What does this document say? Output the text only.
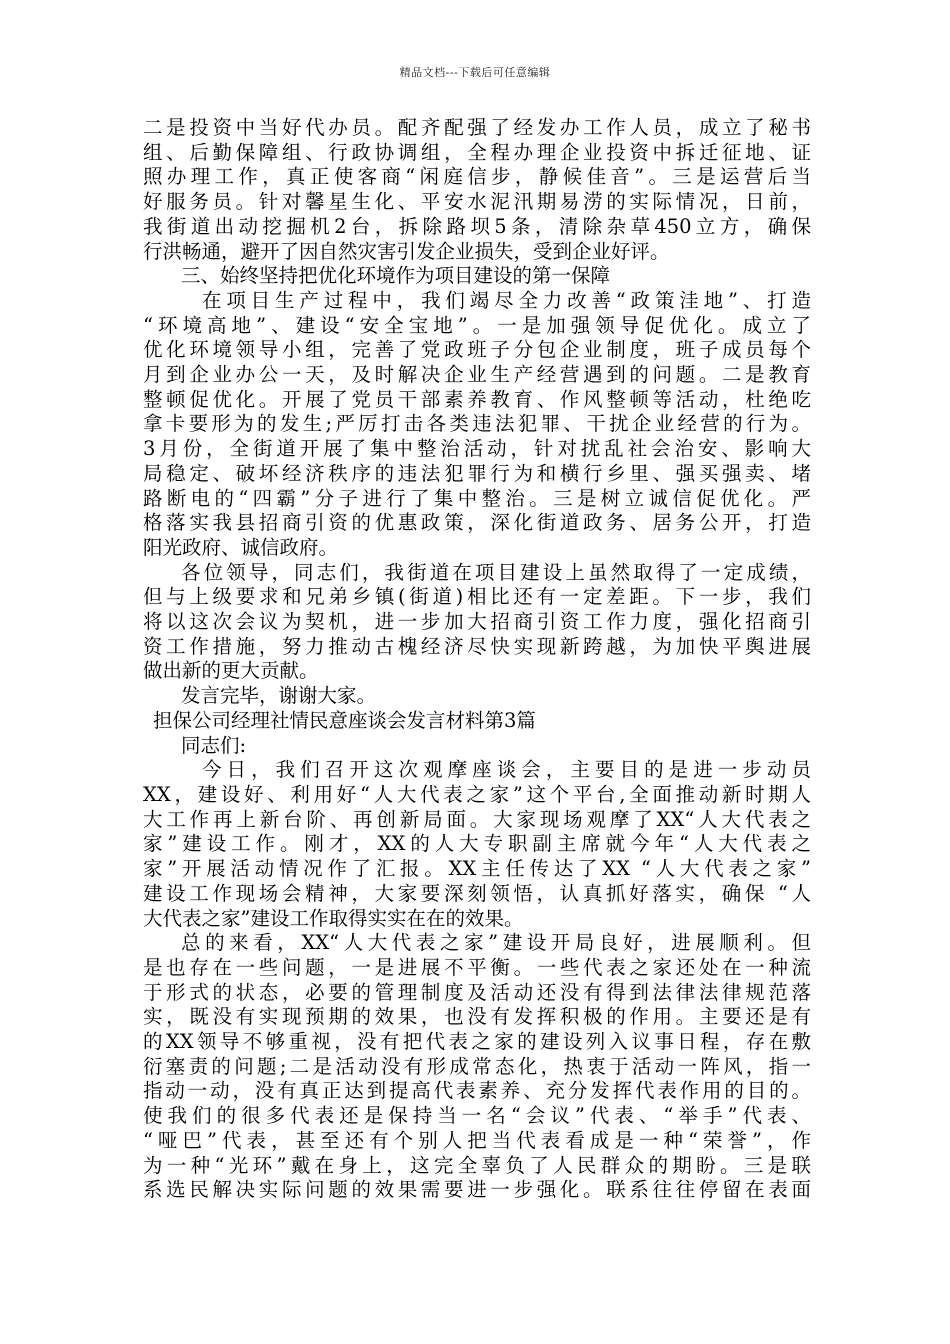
精品文档---下载后可任意编辑
二是投资中当好代办员。配齐配强了经发办工作人员，成立了秘书
组、后勤保障组、行政协调组，全程办理企业投资中拆迁征地、证
照办理工作，真正使客商“闲庭信步，静候佳音”。三是运营后当
好服务员。针对馨星生化、平安水泥汛期易涝的实际情况，日前，
我街道出动挖掘机2台，拆除路坝5条，清除杂草450立方，确保
行洪畅通，避开了因自然灾害引发企业损失，受到企业好评。
三、始终坚持把优化环境作为项目建设的第一保障
在项目生产过程中，我们竭尽全力改善“政策洼地”、打造
“环境高地”、建设“安全宝地”。一是加强领导促优化。成立了
优化环境领导小组，完善了党政班子分包企业制度，班子成员每个
月到企业办公一天，及时解决企业生产经营遇到的问题。二是教育
整顿促优化。开展了党员干部素养教育、作风整顿等活动，杜绝吃
拿卡要形为的发生;严厉打击各类违法犯罪、干扰企业经营的行为。
3月份，全街道开展了集中整治活动，针对扰乱社会治安、影响大
局稳定、破坏经济秩序的违法犯罪行为和横行乡里、强买强卖、堵
路断电的“四霸”分子进行了集中整治。三是树立诚信促优化。严
格落实我县招商引资的优惠政策，深化街道政务、居务公开，打造
阳光政府、诚信政府。
各位领导，同志们，我街道在项目建设上虽然取得了一定成绩，
但与上级要求和兄弟乡镇(街道)相比还有一定差距。下一步，我们
将以这次会议为契机，进一步加大招商引资工作力度，强化招商引
资工作措施，努力推动古槐经济尽快实现新跨越，为加快平舆进展
做出新的更大贡献。
发言完毕，谢谢大家。
担保公司经理社情民意座谈会发言材料第3篇
同志们:
今日，我们召开这次观摩座谈会，主要目的是进一步动员
XX，建设好、利用好“人大代表之家”这个平台,全面推动新时期人
大工作再上新台阶、再创新局面。大家现场观摩了XX“人大代表之
家”建设工作。刚才，XX的人大专职副主席就今年“人大代表之
家”开展活动情况作了汇报。XX主任传达了XX “人大代表之家”
建设工作现场会精神，大家要深刻领悟，认真抓好落实，确保 “人
大代表之家”建设工作取得实实在在的效果。
总的来看，XX“人大代表之家”建设开局良好，进展顺利。但
是也存在一些问题，一是进展不平衡。一些代表之家还处在一种流
于形式的状态，必要的管理制度及活动还没有得到法律法律规范落
实，既没有实现预期的效果，也没有发挥积极的作用。主要还是有
的XX领导不够重视，没有把代表之家的建设列入议事日程，存在敷
衍塞责的问题;二是活动没有形成常态化，热衷于活动一阵风，指一
指动一动，没有真正达到提高代表素养、充分发挥代表作用的目的。
使我们的很多代表还是保持当一名“会议”代表、“举手”代表、
“哑巴”代表，甚至还有个别人把当代表看成是一种“荣誉”，作
为一种“光环”戴在身上，这完全辜负了人民群众的期盼。三是联
系选民解决实际问题的效果需要进一步强化。联系往往停留在表面
